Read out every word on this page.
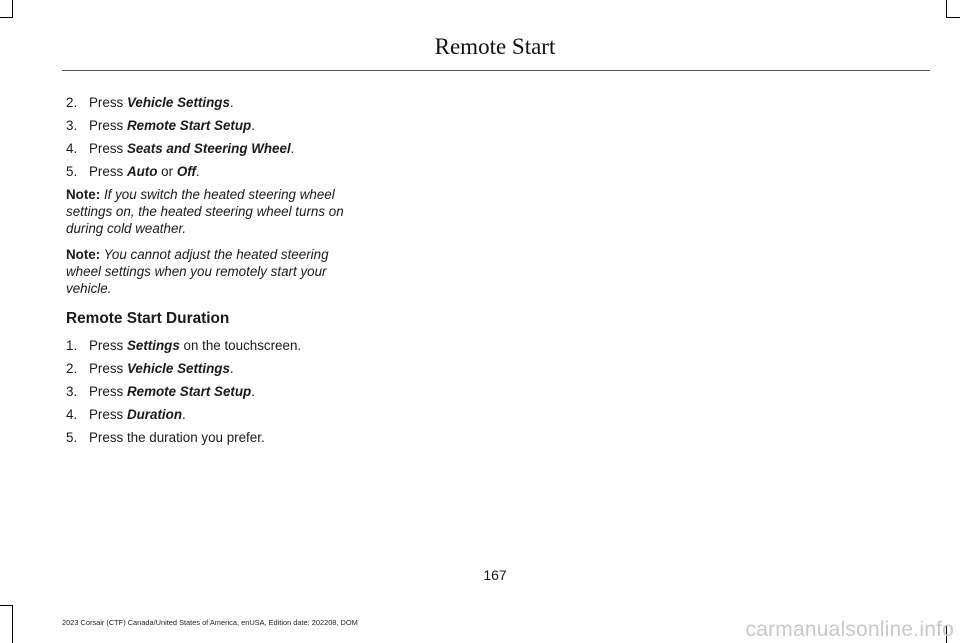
Remote Start
2. Press Vehicle Settings.
3. Press Remote Start Setup.
4. Press Seats and Steering Wheel.
5. Press Auto or Off.
Note: If you switch the heated steering wheel settings on, the heated steering wheel turns on during cold weather.
Note: You cannot adjust the heated steering wheel settings when you remotely start your vehicle.
Remote Start Duration
1. Press Settings on the touchscreen.
2. Press Vehicle Settings.
3. Press Remote Start Setup.
4. Press Duration.
5. Press the duration you prefer.
167
2023 Corsair (CTF) Canada/United States of America, enUSA, Edition date: 202208, DOM	carmanualsonline.info
